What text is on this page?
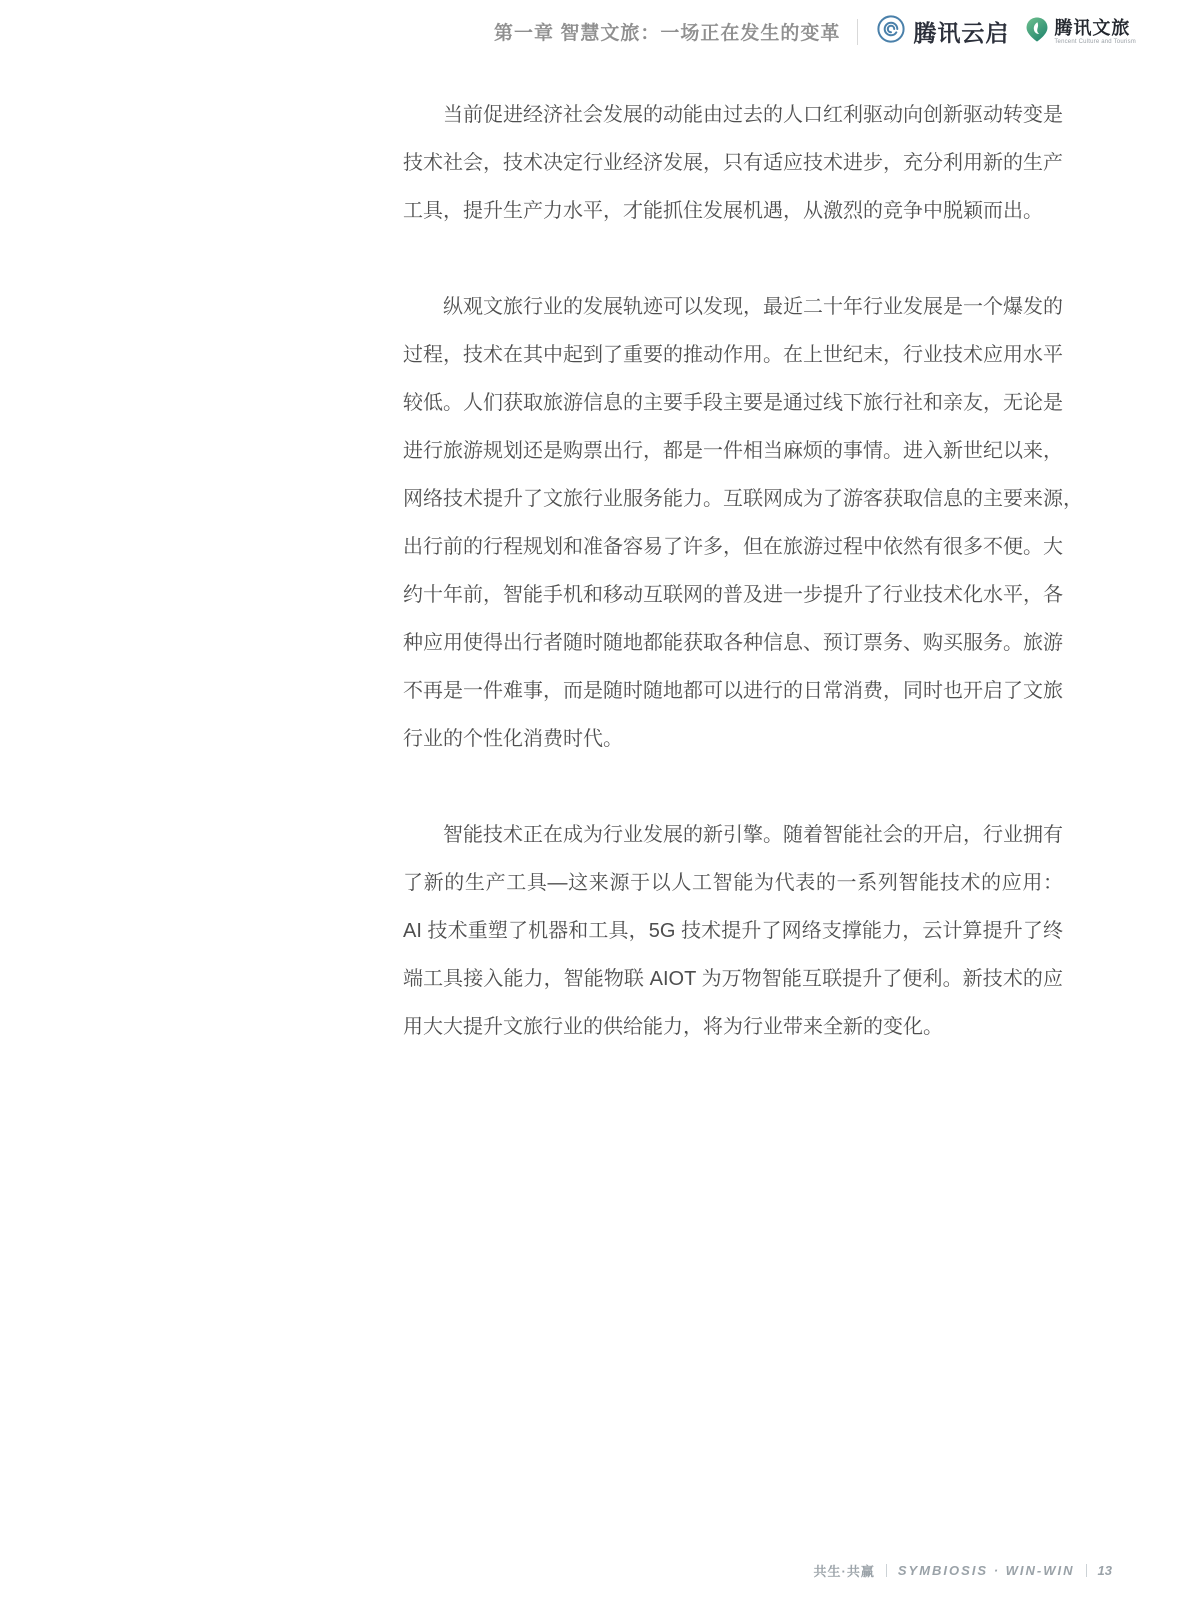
第一章 智慧文旅：一场正在发生的变革	腾讯云启	腾讯文旅
Tencent Culture and Tourism
当前促进经济社会发展的动能由过去的人口红利驱动向创新驱动转变是
技术社会，技术决定行业经济发展，只有适应技术进步，充分利用新的生产
工具，提升生产力水平，才能抓住发展机遇，从激烈的竞争中脱颖而出。
纵观文旅行业的发展轨迹可以发现，最近二十年行业发展是一个爆发的
过程，技术在其中起到了重要的推动作用。在上世纪末，行业技术应用水平
较低。人们获取旅游信息的主要手段主要是通过线下旅行社和亲友，无论是
进行旅游规划还是购票出行，都是一件相当麻烦的事情。进入新世纪以来，
网络技术提升了文旅行业服务能力。互联网成为了游客获取信息的主要来源，
出行前的行程规划和准备容易了许多，但在旅游过程中依然有很多不便。大
约十年前，智能手机和移动互联网的普及进一步提升了行业技术化水平，各
种应用使得出行者随时随地都能获取各种信息、预订票务、购买服务。旅游
不再是一件难事，而是随时随地都可以进行的日常消费，同时也开启了文旅
行业的个性化消费时代。
智能技术正在成为行业发展的新引擎。随着智能社会的开启，行业拥有
了新的生产工具—这来源于以人工智能为代表的一系列智能技术的应用：
AI 技术重塑了机器和工具，5G 技术提升了网络支撑能力，云计算提升了终
端工具接入能力，智能物联 AIOT 为万物智能互联提升了便利。新技术的应
用大大提升文旅行业的供给能力，将为行业带来全新的变化。
共生·共赢 SYMBIOSIS · WIN-WIN 13
